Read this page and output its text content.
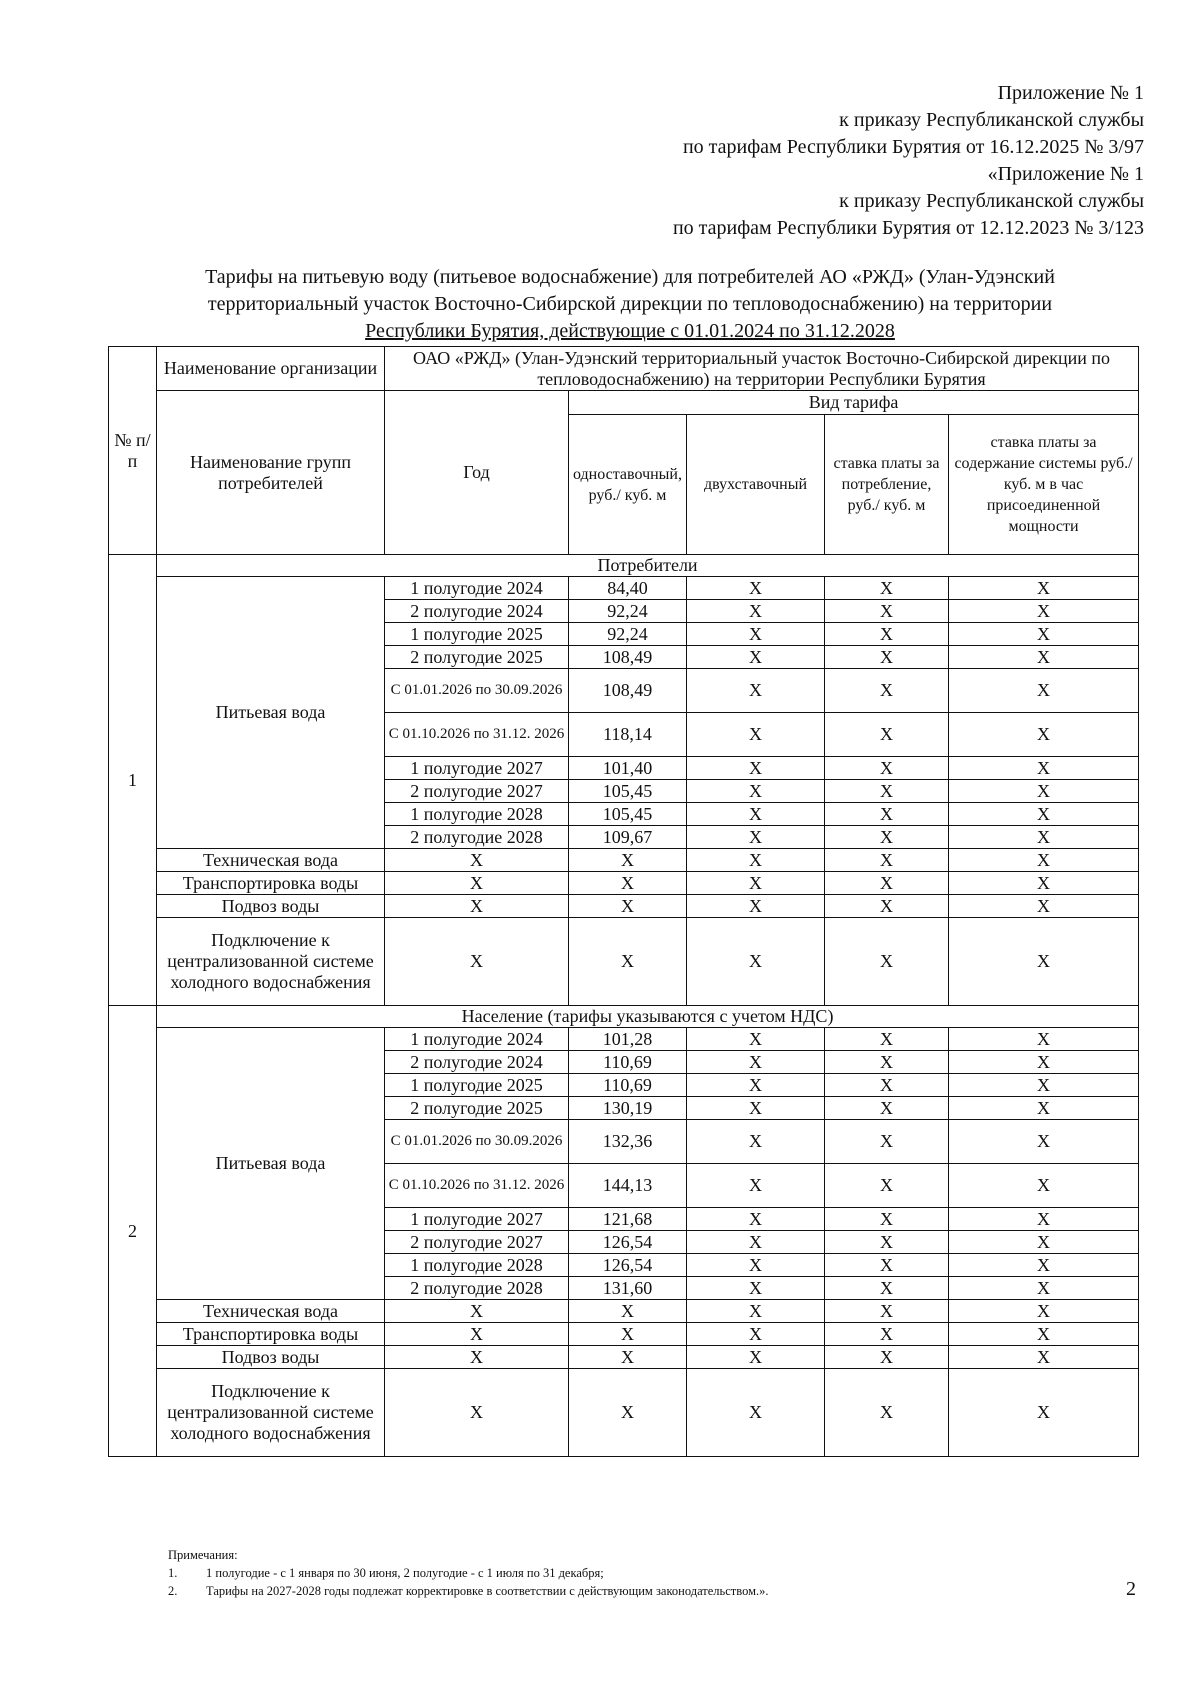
Приложение № 1
к приказу Республиканской службы
по тарифам Республики Бурятия от 16.12.2025 № 3/97
«Приложение № 1
к приказу Республиканской службы
по тарифам Республики Бурятия от 12.12.2023 № 3/123
Тарифы на питьевую воду (питьевое водоснабжение) для потребителей АО «РЖД» (Улан-Удэнский
территориальный участок Восточно-Сибирской дирекции по тепловодоснабжению) на территории
Республики Бурятия, действующие с 01.01.2024 по 31.12.2028
№ п/п	Наименование организации	ОАО «РЖД» (Улан-Удэнский территориальный участок Восточно-Сибирской дирекции по тепловодоснабжению) на территории Республики Бурятия				
	Наименование групп потребителей	Год	Вид тарифа			
			одноставочный, руб./ куб. м	двухставочный	ставка платы за потребление, руб./ куб. м	ставка платы за содержание системы руб./куб. м в час присоединенной мощности
1	Потребители					
	Питьевая вода	1 полугодие 2024	84,40	X	X	X
		2 полугодие 2024	92,24	X	X	X
		1 полугодие 2025	92,24	X	X	X
		2 полугодие 2025	108,49	X	X	X
		С 01.01.2026 по 30.09.2026	108,49	X	X	X
		С 01.10.2026 по 31.12. 2026	118,14	X	X	X
		1 полугодие 2027	101,40	X	X	X
		2 полугодие 2027	105,45	X	X	X
		1 полугодие 2028	105,45	X	X	X
		2 полугодие 2028	109,67	X	X	X
	Техническая вода	X	X	X	X	X
	Транспортировка воды	X	X	X	X	X
	Подвоз воды	X	X	X	X	X
	Подключение к централизованной системе холодного водоснабжения	X	X	X	X	X
2	Население (тарифы указываются с учетом НДС)					
	Питьевая вода	1 полугодие 2024	101,28	X	X	X
		2 полугодие 2024	110,69	X	X	X
		1 полугодие 2025	110,69	X	X	X
		2 полугодие 2025	130,19	X	X	X
		С 01.01.2026 по 30.09.2026	132,36	X	X	X
		С 01.10.2026 по 31.12. 2026	144,13	X	X	X
		1 полугодие 2027	121,68	X	X	X
		2 полугодие 2027	126,54	X	X	X
		1 полугодие 2028	126,54	X	X	X
		2 полугодие 2028	131,60	X	X	X
	Техническая вода	X	X	X	X	X
	Транспортировка воды	X	X	X	X	X
	Подвоз воды	X	X	X	X	X
	Подключение к централизованной системе холодного водоснабжения	X	X	X	X	X
Примечания:
1. 1 полугодие - с 1 января по 30 июня, 2 полугодие - с 1 июля по 31 декабря;
2. Тарифы на 2027-2028 годы подлежат корректировке в соответствии с действующим законодательством.».	2
